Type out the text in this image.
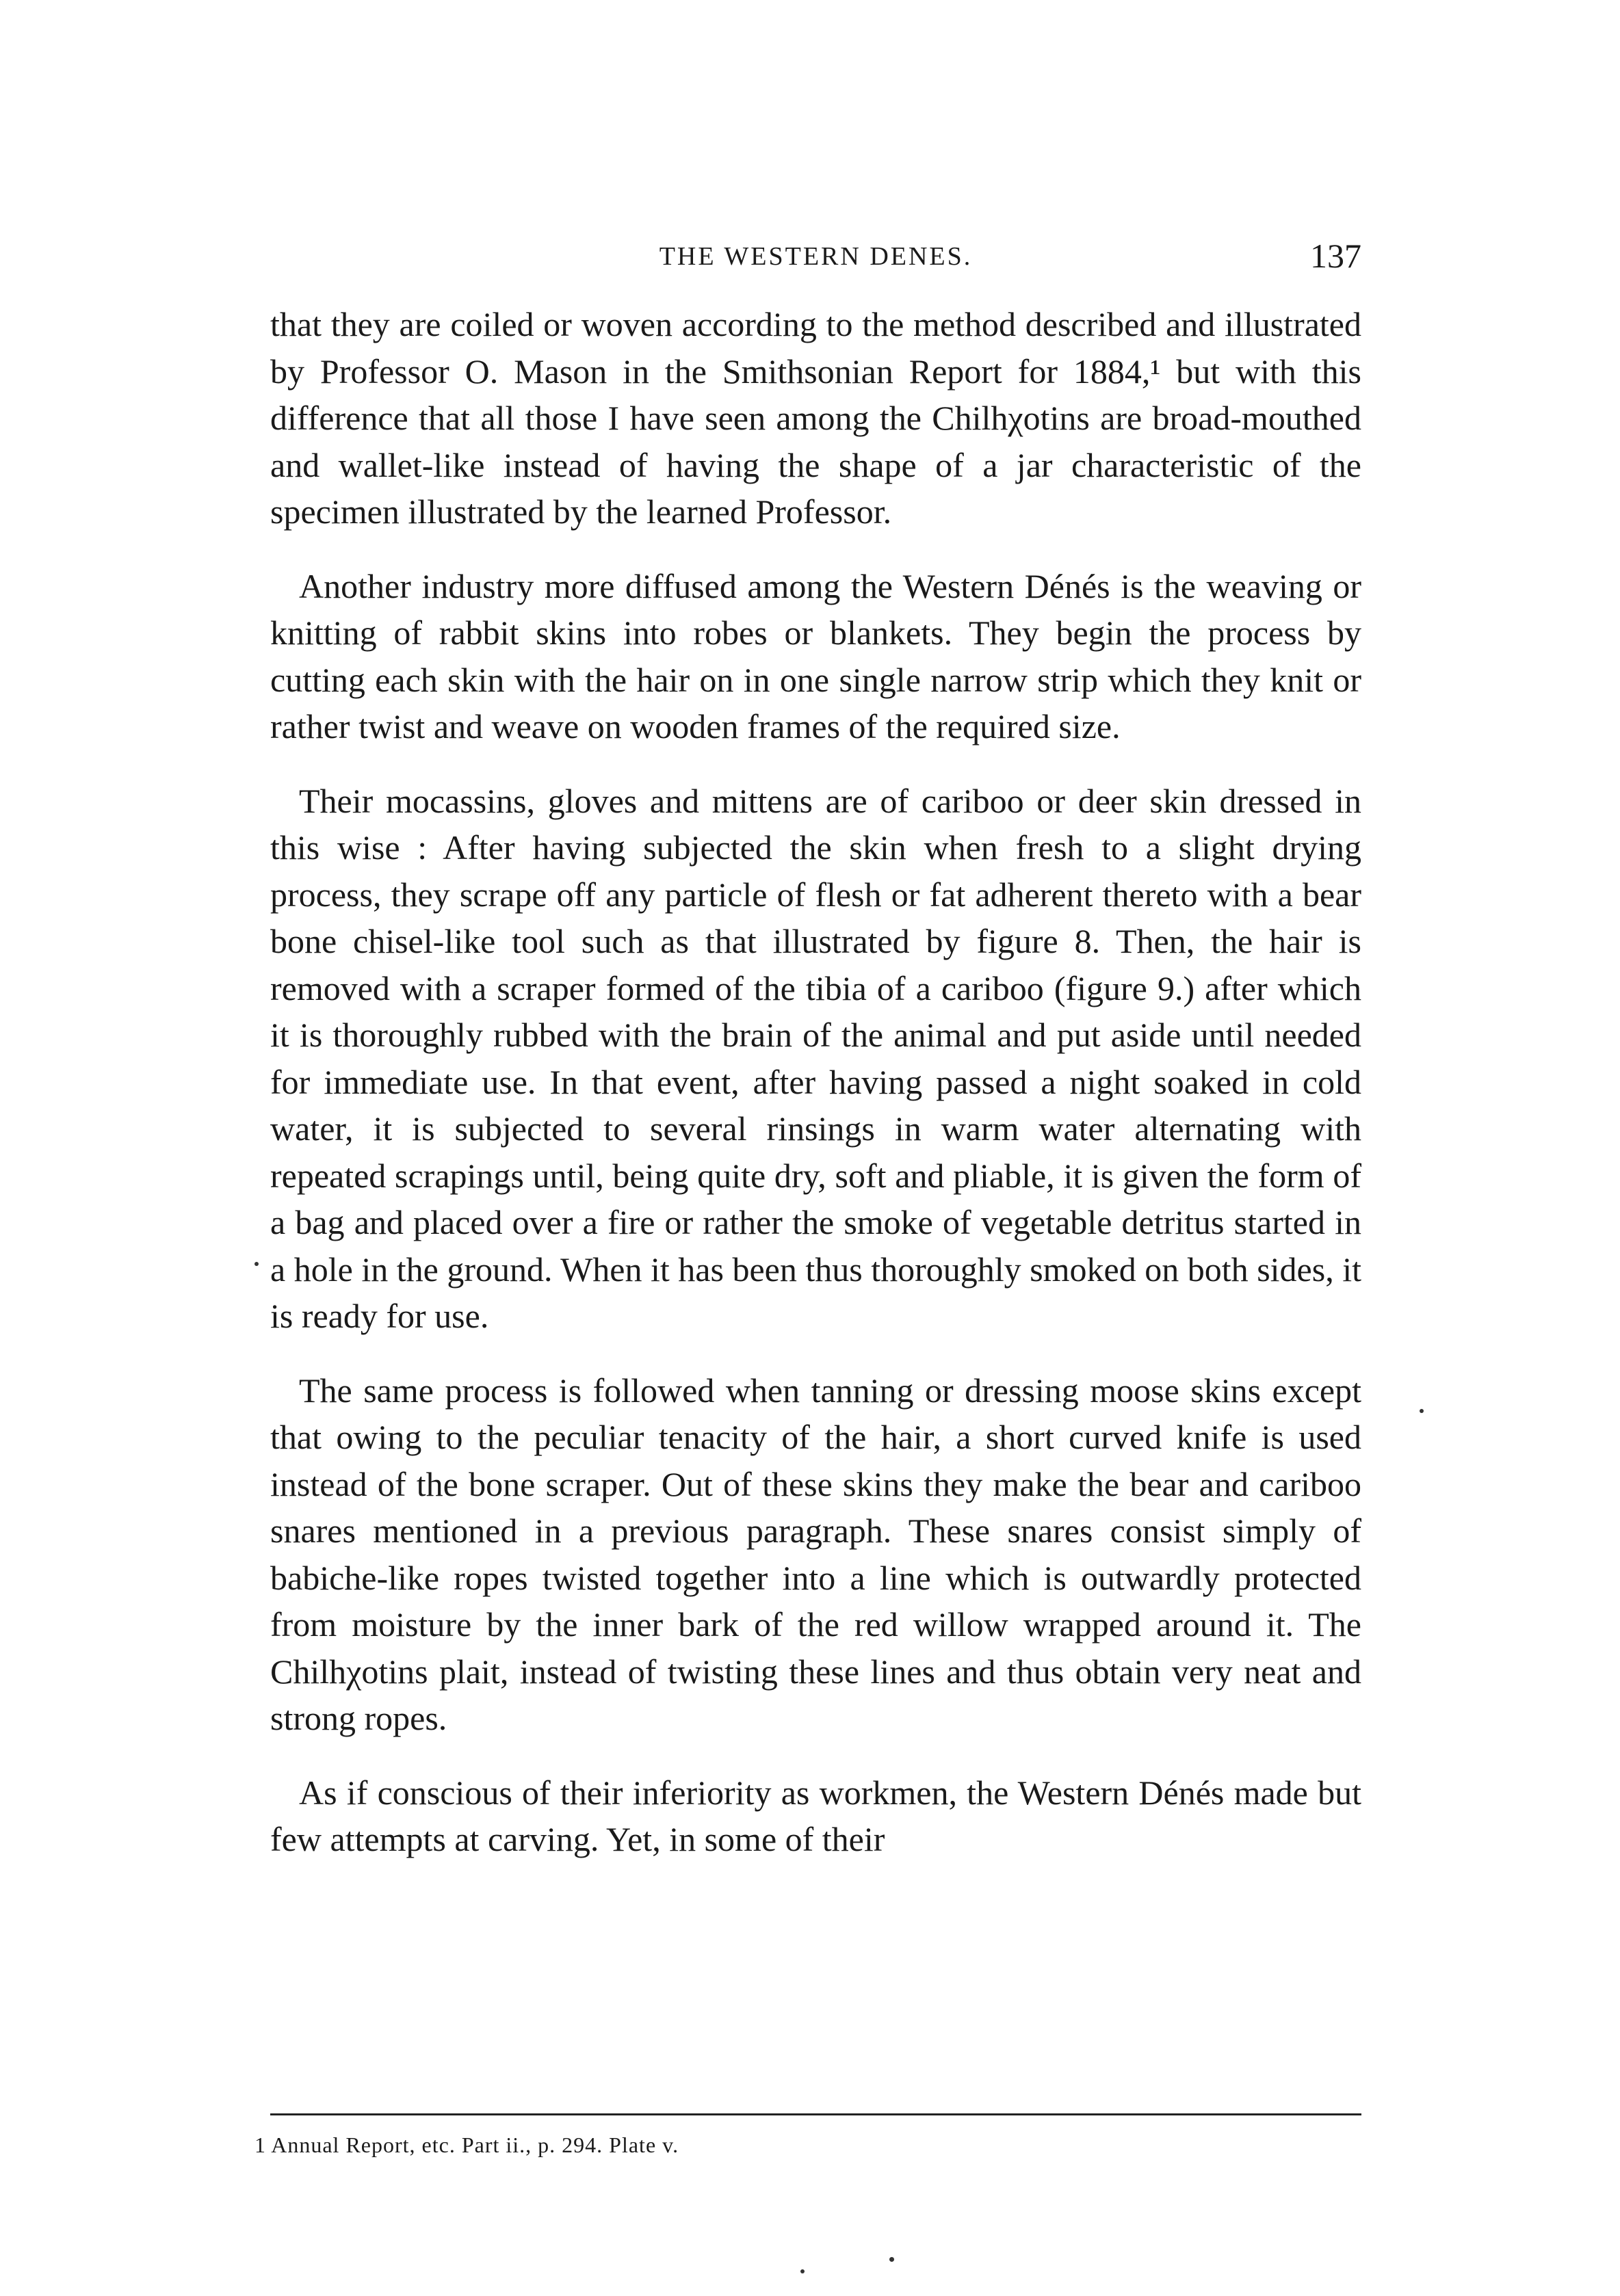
THE WESTERN DENES.	137

that they are coiled or woven according to the method described and illustrated by Professor O. Mason in the Smithsonian Report for 1884,¹ but with this difference that all those I have seen among the Chilhχotins are broad-mouthed and wallet-like instead of having the shape of a jar characteristic of the specimen illustrated by the learned Professor.

Another industry more diffused among the Western Dénés is the weaving or knitting of rabbit skins into robes or blankets. They begin the process by cutting each skin with the hair on in one single narrow strip which they knit or rather twist and weave on wooden frames of the required size.

Their mocassins, gloves and mittens are of cariboo or deer skin dressed in this wise : After having subjected the skin when fresh to a slight drying process, they scrape off any particle of flesh or fat adherent thereto with a bear bone chisel-like tool such as that illustrated by figure 8. Then, the hair is removed with a scraper formed of the tibia of a cariboo (figure 9.) after which it is thoroughly rubbed with the brain of the animal and put aside until needed for immediate use. In that event, after having passed a night soaked in cold water, it is subjected to several rinsings in warm water alternating with repeated scrapings until, being quite dry, soft and pliable, it is given the form of a bag and placed over a fire or rather the smoke of vegetable detritus started in a hole in the ground. When it has been thus thoroughly smoked on both sides, it is ready for use.

The same process is followed when tanning or dressing moose skins except that owing to the peculiar tenacity of the hair, a short curved knife is used instead of the bone scraper. Out of these skins they make the bear and cariboo snares mentioned in a previous paragraph. These snares consist simply of babiche-like ropes twisted together into a line which is outwardly protected from moisture by the inner bark of the red willow wrapped around it. The Chilhχotins plait, instead of twisting these lines and thus obtain very neat and strong ropes.

As if conscious of their inferiority as workmen, the Western Dénés made but few attempts at carving. Yet, in some of their

1 Annual Report, etc. Part ii., p. 294. Plate v.
